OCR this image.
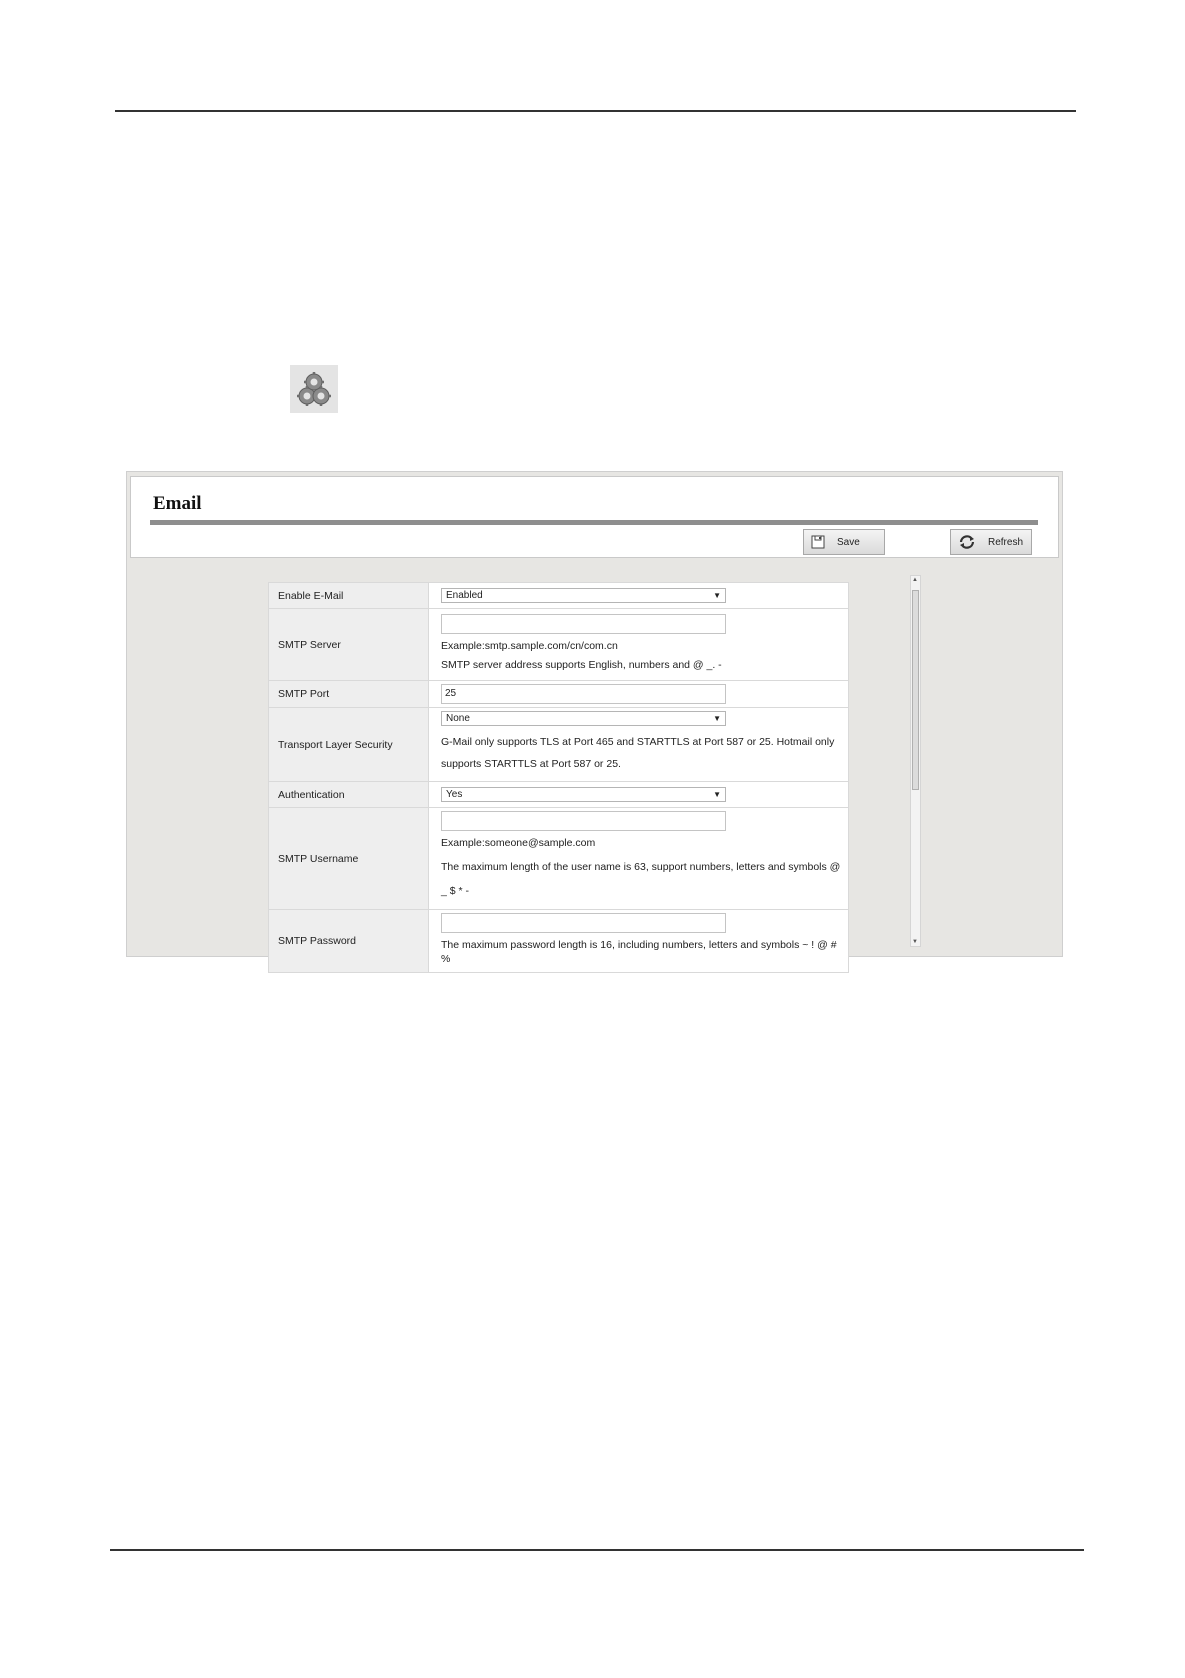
Email
Save	Refresh
Enable E-Mail	Enabled ▼

SMTP Server	Example:smtp.sample.com/cn/com.cn
SMTP server address supports English, numbers and @ _. -

SMTP Port	25

Transport Layer Security	None ▼
G-Mail only supports TLS at Port 465 and STARTTLS at Port 587 or 25. Hotmail only supports STARTTLS at Port 587 or 25.

Authentication	Yes ▼

SMTP Username	Example:someone@sample.com
The maximum length of the user name is 63, support numbers, letters and symbols @ _ $ * -

SMTP Password	The maximum password length is 16, including numbers, letters and symbols ~ ! @ # %
▲
▼
